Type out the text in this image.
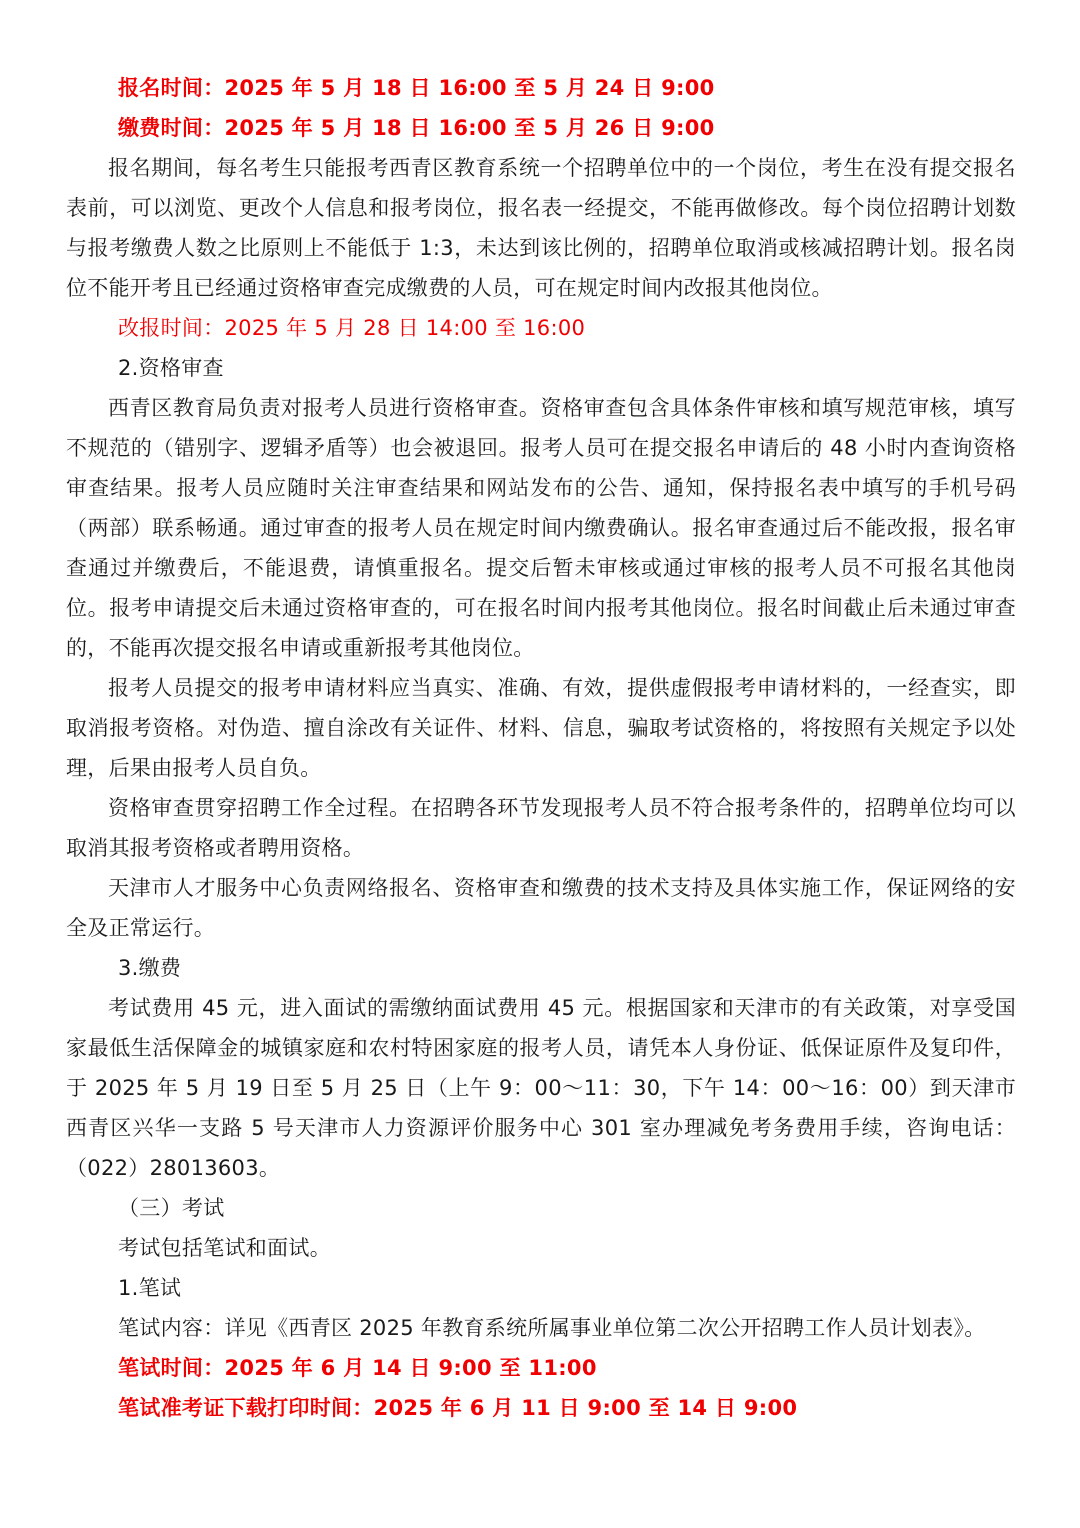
报名时间：2025 年 5 月 18 日 16:00 至 5 月 24 日 9:00
缴费时间：2025 年 5 月 18 日 16:00 至 5 月 26 日 9:00
报名期间，每名考生只能报考西青区教育系统一个招聘单位中的一个岗位，考生在没有提交报名表前，可以浏览、更改个人信息和报考岗位，报名表一经提交，不能再做修改。每个岗位招聘计划数与报考缴费人数之比原则上不能低于 1:3，未达到该比例的，招聘单位取消或核减招聘计划。报名岗位不能开考且已经通过资格审查完成缴费的人员，可在规定时间内改报其他岗位。
改报时间：2025 年 5 月 28 日 14:00 至 16:00
2.资格审查
西青区教育局负责对报考人员进行资格审查。资格审查包含具体条件审核和填写规范审核，填写不规范的（错别字、逻辑矛盾等）也会被退回。报考人员可在提交报名申请后的 48 小时内查询资格审查结果。报考人员应随时关注审查结果和网站发布的公告、通知，保持报名表中填写的手机号码（两部）联系畅通。通过审查的报考人员在规定时间内缴费确认。报名审查通过后不能改报，报名审查通过并缴费后，不能退费，请慎重报名。提交后暂未审核或通过审核的报考人员不可报名其他岗位。报考申请提交后未通过资格审查的，可在报名时间内报考其他岗位。报名时间截止后未通过审查的，不能再次提交报名申请或重新报考其他岗位。
报考人员提交的报考申请材料应当真实、准确、有效，提供虚假报考申请材料的，一经查实，即取消报考资格。对伪造、擅自涂改有关证件、材料、信息，骗取考试资格的，将按照有关规定予以处理，后果由报考人员自负。
资格审查贯穿招聘工作全过程。在招聘各环节发现报考人员不符合报考条件的，招聘单位均可以取消其报考资格或者聘用资格。
天津市人才服务中心负责网络报名、资格审查和缴费的技术支持及具体实施工作，保证网络的安全及正常运行。
3.缴费
考试费用 45 元，进入面试的需缴纳面试费用 45 元。根据国家和天津市的有关政策，对享受国家最低生活保障金的城镇家庭和农村特困家庭的报考人员，请凭本人身份证、低保证原件及复印件，于 2025 年 5 月 19 日至 5 月 25 日（上午 9：00～11：30，下午 14：00～16：00）到天津市西青区兴华一支路 5 号天津市人力资源评价服务中心 301 室办理减免考务费用手续，咨询电话：（022）28013603。
（三）考试
考试包括笔试和面试。
1.笔试
笔试内容：详见《西青区 2025 年教育系统所属事业单位第二次公开招聘工作人员计划表》。
笔试时间：2025 年 6 月 14 日 9:00 至 11:00
笔试准考证下载打印时间：2025 年 6 月 11 日 9:00 至 14 日 9:00
